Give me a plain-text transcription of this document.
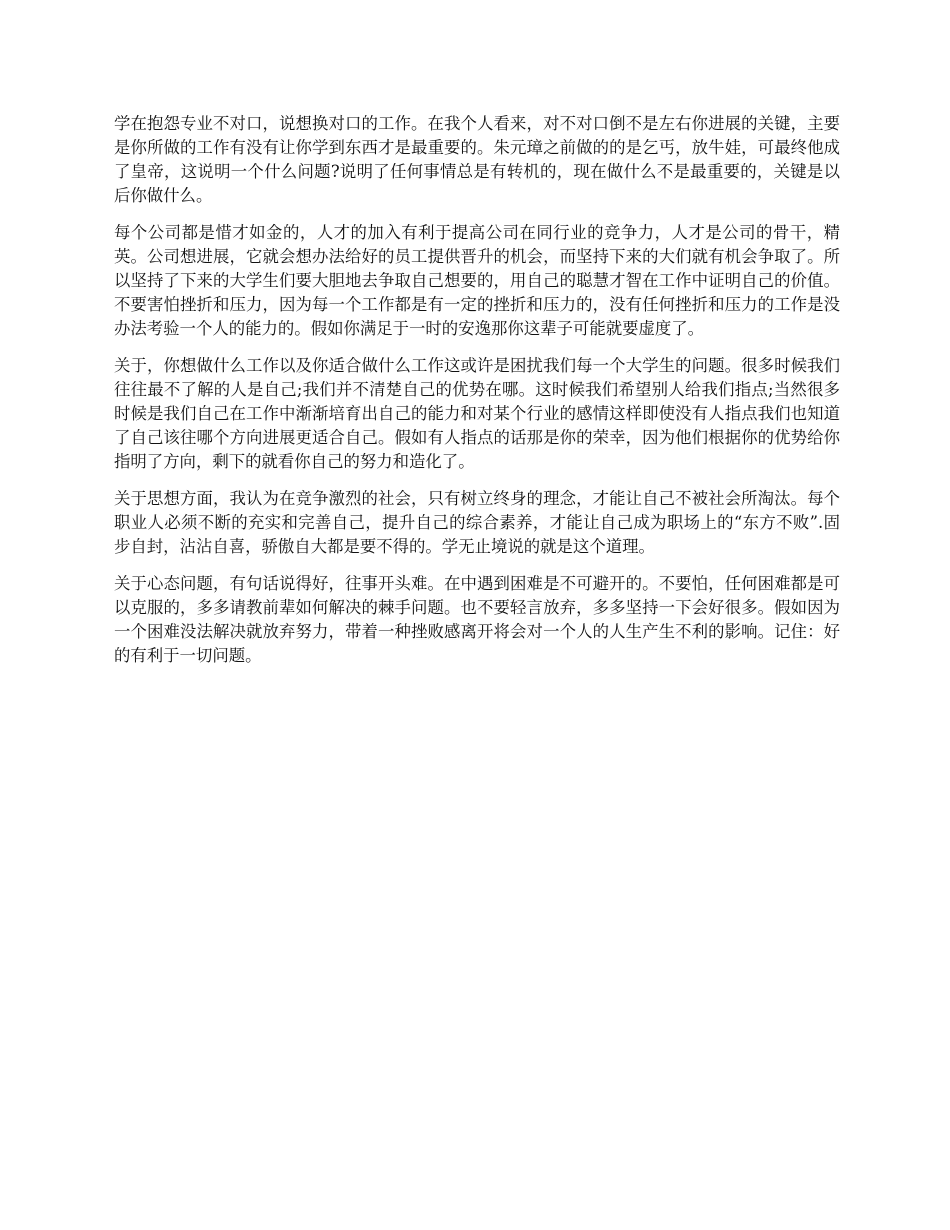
学在抱怨专业不对口，说想换对口的工作。在我个人看来，对不对口倒不是左右你进展的关键，主要是你所做的工作有没有让你学到东西才是最重要的。朱元璋之前做的的是乞丐，放牛娃，可最终他成了皇帝，这说明一个什么问题?说明了任何事情总是有转机的，现在做什么不是最重要的，关键是以后你做什么。

每个公司都是惜才如金的，人才的加入有利于提高公司在同行业的竞争力，人才是公司的骨干，精英。公司想进展，它就会想办法给好的员工提供晋升的机会，而坚持下来的大们就有机会争取了。所以坚持了下来的大学生们要大胆地去争取自己想要的，用自己的聪慧才智在工作中证明自己的价值。不要害怕挫折和压力，因为每一个工作都是有一定的挫折和压力的，没有任何挫折和压力的工作是没办法考验一个人的能力的。假如你满足于一时的安逸那你这辈子可能就要虚度了。

关于，你想做什么工作以及你适合做什么工作这或许是困扰我们每一个大学生的问题。很多时候我们往往最不了解的人是自己;我们并不清楚自己的优势在哪。这时候我们希望别人给我们指点;当然很多时候是我们自己在工作中渐渐培育出自己的能力和对某个行业的感情这样即使没有人指点我们也知道了自己该往哪个方向进展更适合自己。假如有人指点的话那是你的荣幸，因为他们根据你的优势给你指明了方向，剩下的就看你自己的努力和造化了。

关于思想方面，我认为在竞争激烈的社会，只有树立终身的理念，才能让自己不被社会所淘汰。每个职业人必须不断的充实和完善自己，提升自己的综合素养，才能让自己成为职场上的“东方不败”.固步自封，沾沾自喜，骄傲自大都是要不得的。学无止境说的就是这个道理。

关于心态问题，有句话说得好，往事开头难。在中遇到困难是不可避开的。不要怕，任何困难都是可以克服的，多多请教前辈如何解决的棘手问题。也不要轻言放弃，多多坚持一下会好很多。假如因为一个困难没法解决就放弃努力，带着一种挫败感离开将会对一个人的人生产生不利的影响。记住：好的有利于一切问题。
